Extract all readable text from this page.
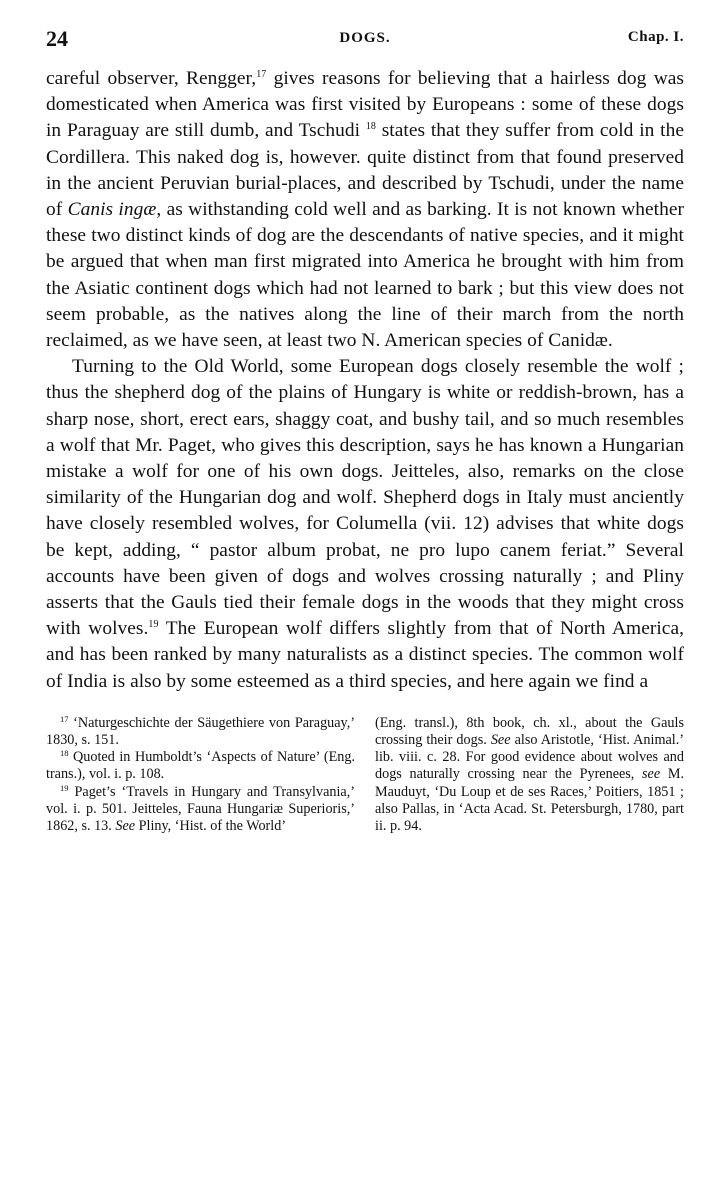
24	DOGS.	Chap. I.

careful observer, Rengger,$^{17}$ gives reasons for believing that a hairless dog was domesticated when America was first visited by Europeans : some of these dogs in Paraguay are still dumb, and Tschudi $^{18}$ states that they suffer from cold in the Cordillera. This naked dog is, however. quite distinct from that found preserved in the ancient Peruvian burial-places, and described by Tschudi, under the name of Canis ingæ, as withstanding cold well and as barking. It is not known whether these two distinct kinds of dog are the descendants of native species, and it might be argued that when man first migrated into America he brought with him from the Asiatic continent dogs which had not learned to bark ; but this view does not seem probable, as the natives along the line of their march from the north reclaimed, as we have seen, at least two N. American species of Canidæ.

Turning to the Old World, some European dogs closely resemble the wolf ; thus the shepherd dog of the plains of Hungary is white or reddish-brown, has a sharp nose, short, erect ears, shaggy coat, and bushy tail, and so much resembles a wolf that Mr. Paget, who gives this description, says he has known a Hungarian mistake a wolf for one of his own dogs. Jeitteles, also, remarks on the close similarity of the Hungarian dog and wolf. Shepherd dogs in Italy must anciently have closely resembled wolves, for Columella (vii. 12) advises that white dogs be kept, adding, “ pastor album probat, ne pro lupo canem feriat.” Several accounts have been given of dogs and wolves crossing naturally ; and Pliny asserts that the Gauls tied their female dogs in the woods that they might cross with wolves.$^{19}$ The European wolf differs slightly from that of North America, and has been ranked by many naturalists as a distinct species. The common wolf of India is also by some esteemed as a third species, and here again we find a

$^{17}$ ‘Naturgeschichte der Säugethiere von Paraguay,’ 1830, s. 151.

$^{18}$ Quoted in Humboldt’s ‘Aspects of Nature’ (Eng. trans.), vol. i. p. 108.

$^{19}$ Paget’s ‘Travels in Hungary and Transylvania,’ vol. i. p. 501. Jeitteles, Fauna Hungariæ Superioris,’ 1862, s. 13. See Pliny, ‘Hist. of the World’

(Eng. transl.), 8th book, ch. xl., about the Gauls crossing their dogs. See also Aristotle, ‘Hist. Animal.’ lib. viii. c. 28. For good evidence about wolves and dogs naturally crossing near the Pyrenees, see M. Mauduyt, ‘Du Loup et de ses Races,’ Poitiers, 1851 ; also Pallas, in ‘Acta Acad. St. Petersburgh, 1780, part ii. p. 94.
